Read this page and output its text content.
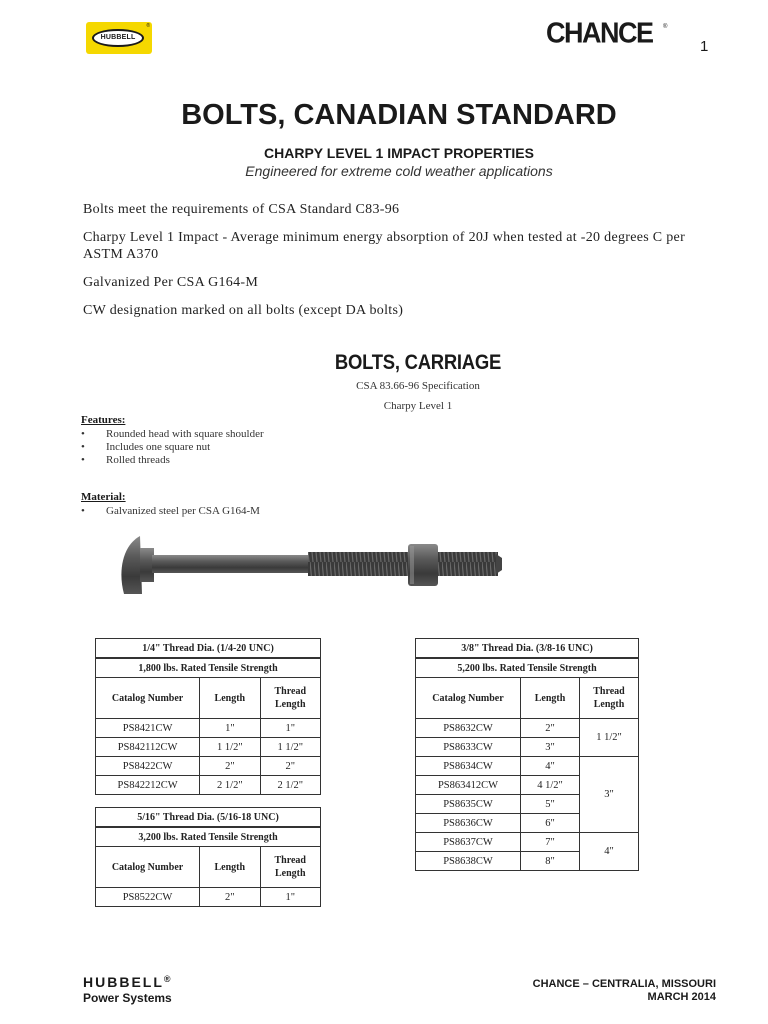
HUBBELL
®	CHANCE ®
1
BOLTS, CANADIAN STANDARD
CHARPY LEVEL 1 IMPACT PROPERTIES
Engineered for extreme cold weather applications
Bolts meet the requirements of CSA Standard C83-96
Charpy Level 1 Impact - Average minimum energy absorption of 20J when tested at -20 degrees C per ASTM A370
Galvanized Per CSA G164-M
CW designation marked on all bolts (except DA bolts)
BOLTS, CARRIAGE
CSA 83.66-96 Specification
Charpy Level 1
Features:
• Rounded head with square shoulder
• Includes one square nut
• Rolled threads
Material:
• Galvanized steel per CSA G164-M
1/4" Thread Dia. (1/4-20 UNC)		
1,800 lbs. Rated Tensile Strength		
Catalog Number	Length	Thread Length
PS8421CW	1"	1"
PS842112CW	1 1/2"	1 1/2"
PS8422CW	2"	2"
PS842212CW	2 1/2"	2 1/2"
5/16" Thread Dia. (5/16-18 UNC)		
3,200 lbs. Rated Tensile Strength		
Catalog Number	Length	Thread Length
PS8522CW	2"	1"
3/8" Thread Dia. (3/8-16 UNC)		
5,200 lbs. Rated Tensile Strength		
Catalog Number	Length	Thread Length
PS8632CW	2"	1 1/2"
PS8633CW	3"	
PS8634CW	4"	3"
PS863412CW	4 1/2"	
PS8635CW	5"	
PS8636CW	6"	
PS8637CW	7"	4"
PS8638CW	8"	
HUBBELL®
Power Systems
CHANCE – CENTRALIA, MISSOURI
MARCH 2014
